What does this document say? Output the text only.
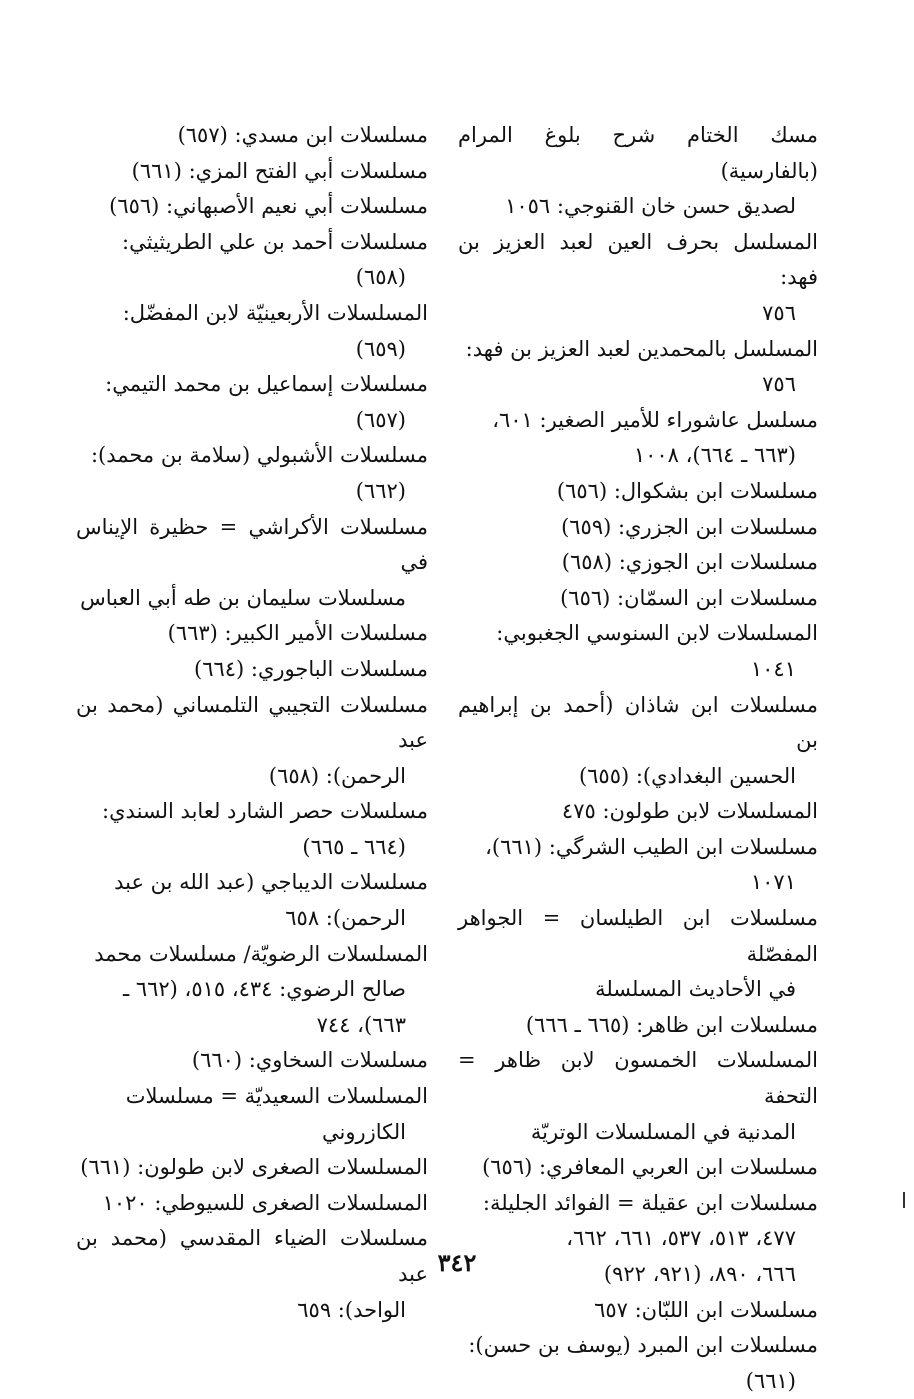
مسك الختام شرح بلوغ المرام (بالفارسية)
لصديق حسن خان القنوجي: ١٠٥٦
المسلسل بحرف العين لعبد العزيز بن فهد:
٧٥٦
المسلسل بالمحمدين لعبد العزيز بن فهد:
٧٥٦
مسلسل عاشوراء للأمير الصغير: ٦٠١،
(٦٦٣ ـ ٦٦٤)، ١٠٠٨
مسلسلات ابن بشكوال: (٦٥٦)
مسلسلات ابن الجزري: (٦٥٩)
مسلسلات ابن الجوزي: (٦٥٨)
مسلسلات ابن السمّان: (٦٥٦)
المسلسلات لابن السنوسي الجغبوبي:
١٠٤١
مسلسلات ابن شاذان (أحمد بن إبراهيم بن
الحسين البغدادي): (٦٥٥)
المسلسلات لابن طولون: ٤٧٥
مسلسلات ابن الطيب الشرگي: (٦٦١)،
١٠٧١
مسلسلات ابن الطيلسان = الجواهر المفصّلة
في الأحاديث المسلسلة
مسلسلات ابن ظاهر: (٦٦٥ ـ ٦٦٦)
المسلسلات الخمسون لابن ظاهر = التحفة
المدنية في المسلسلات الوتريّة
مسلسلات ابن العربي المعافري: (٦٥٦)
مسلسلات ابن عقيلة = الفوائد الجليلة:
٤٧٧، ٥١٣، ٥٣٧، ٦٦١، ٦٦٢،
٦٦٦، ٨٩٠، (٩٢١، ٩٢٢)
مسلسلات ابن اللبّان: ٦٥٧
مسلسلات ابن المبرد (يوسف بن حسن):
(٦٦١)
مسلسلات ابن مسدي: (٦٥٧)
مسلسلات أبي الفتح المزي: (٦٦١)
مسلسلات أبي نعيم الأصبهاني: (٦٥٦)
مسلسلات أحمد بن علي الطريثيثي:
(٦٥٨)
المسلسلات الأربعينيّة لابن المفضّل:
(٦٥٩)
مسلسلات إسماعيل بن محمد التيمي:
(٦٥٧)
مسلسلات الأشبولي (سلامة بن محمد):
(٦٦٢)
مسلسلات الأكراشي = حظيرة الإيناس في
مسلسلات سليمان بن طه أبي العباس
مسلسلات الأمير الكبير: (٦٦٣)
مسلسلات الباجوري: (٦٦٤)
مسلسلات التجيبي التلمساني (محمد بن عبد
الرحمن): (٦٥٨)
مسلسلات حصر الشارد لعابد السندي:
(٦٦٤ ـ ٦٦٥)
مسلسلات الديباجي (عبد الله بن عبد
الرحمن): ٦٥٨
المسلسلات الرضويّة/ مسلسلات محمد
صالح الرضوي: ٤٣٤، ٥١٥، (٦٦٢ ـ
٦٦٣)، ٧٤٤
مسلسلات السخاوي: (٦٦٠)
المسلسلات السعيديّة = مسلسلات
الكازروني
المسلسلات الصغرى لابن طولون: (٦٦١)
المسلسلات الصغرى للسيوطي: ١٠٢٠
مسلسلات الضياء المقدسي (محمد بن عبد
الواحد): ٦٥٩
٣٤٢
